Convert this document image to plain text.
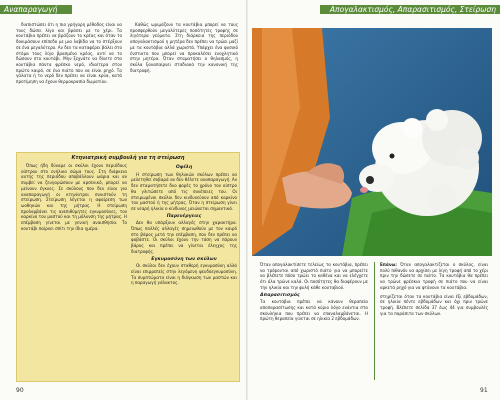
Αναπαραγωγή

διαπιστώσει ότι η πιο γρήγορη μέθοδος είναι να τους δώσει λίγο και βράσει με το χέρι. Τα κουτάβια πρέπει να βράζουν το κρέας και όταν το δοκιμάσουν επίπεδο με μια λαβίδα να το στέρξουν σε ένα μεγαλύτερο. Αν δεν τα καταφέρει βάλει στο στόμα τους λίγο βρασμένο κρέας, αντί να το δώσουν στο κουτάβι. Μην ξεχνάτε να δίνετε στα κουτάβια πάντα φρέσκο νερό, ιδιαίτερα στον πρώτο καιρό, σε ένα πιάτο που να είναι ρηχό. Τα γάλατα ή το νερό δεν πρέπει να είναι κρύα, κατά προτίμηση να έχουν θερμοκρασία δωματίου.

Καθώς ωριμάζουν τα κουτάβια μπορεί να τους προσφερθούν μεγαλύτερες ποσότητες τροφής σε λιγότερα γεύματα. Στη διάρκεια της περιόδου απογαλακτισμού η μητέρα δεν πρέπει να τρώει μαζί με τα κουτάβια αλλά χωριστά. Υπάρχει ένα φυσικό ένστικτο που μπορεί να προκαλέσει ενοχλητικά στην μητέρα. Όταν σταματήσει ο θηλασμός, η σκύλα ξαναπαίρνει σταδιακά την κανονική της διατροφή.

Κτηνιατρική συμβουλή για τη στείρωση

Όπως ήδη δύναμε οι σκύλοι έχουν περιόδους οίστρου στο ενήλικο σώμα τους. Στη διάρκεια αυτής της περιόδου αποβάλλουν ωάρια και αν συμβεί να ζευγαρώσουν με αρσενικό, μπορεί να μείνουν έγκυες. Σε σκύλους που δεν είναι για αναπαραγωγή οι κτηνίατροι συνιστούν τη στείρωση. Στείρωση λέγεται η αφαίρεση των ωοθηκών και της μήτρας. Η στείρωση προλαμβάνει τις ανεπιθύμητες εγκυμοσύνες, τον καρκίνο του μαστού και τη μόλυνση της μήτρας. Η επέμβαση γίνεται με γενική αναισθησία. Το κουτάβι παίρνει σπίτι την ίδια ημέρα.

Οφέλη

Η στείρωση των θηλυκών σκύλων πρέπει να μελετηθεί σοβαρά αν δεν θέλετε αναπαραγωγή. Αν δεν σταματήσετε δυο φορές το χρόνο τον οίστρο θα γλιτώσετε από τις συνέπειες του. Οι στειρωμένοι σκύλοι δεν κινδυνεύουν από καρκίνο του μαστού ή της μήτρας. Όταν η στείρωση γίνει σε νεαρή ηλικία ο κίνδυνος μειώνεται σημαντικά.

Παρενέργειες

Δεν θα υπάρξουν αλλαγές στην χαρακτήρα. Όπως πολλές αλλαγές σημειωθούν με τον καιρό στο βάρος μετά την επέμβαση, που δεν πρέπει να φοβάστε. Οι σκύλοι έχουν την τάση να πάρουν βάρος και πρέπει να γίνεται έλεγχος της διατροφής.

Εγκυμοσύνη των σκύλων

Οι σκύλοι δεν έχουν σταθερή εγκυμοσύνη αλλά είναι επιρρεπείς στην λεγόμενη ψευδοεγκυμοσύνη. Τα συμπτώματα είναι η διόγκωση των μαστών και η παραγωγή γάλακτος.

90
Απογαλακτισμός, Απαρασιτισμός, Στείρωση
Όταν απογαλακτίσετε τελείως τα κουτάβια, πρέπει να τρέφονται από χωριστό πιάτο για να μπορείτε να βλέπετε πόσο τρώει το καθένα και να ελέγχετε ότι όλα τρώνε καλά. Οι ποσότητες θα διαφέρουν με την ηλικία και την φυλή κάθε κουταβιού.
Απαρασιτισμός
Τα κουτάβια πρέπει να κάνουν θεραπεία αποπαρασίτωσης και κατά κύριο λόγο ενάντια στα σκουλήκια που πρέπει να επαναλαμβάνεται. Η πρώτη θεραπεία γίνεται σε ηλικία 2 εβδομάδων.
Επάνω: Όταν απογαλακτίζεται ο σκύλος, είναι πολύ πιθανόν να αρχίσει με λίγη τροφή από το χέρι πριν την δώσετε σε πιάτο. Τα κουτάβια θα πρέπει να τρώνε φρέσκια τροφή σε πιάτο που να είναι αρκετά ρηχό για να φτάνουν τα κουτάβια.
στηρίζεται όταν τα κουτάβια είναι έξι εβδομάδων, σε ηλικία πέντε εβδομάδων και όχι πριν τρώνε τροφή. Βλέπετε σελίδα 37 έως 44 για συμβουλές για τα παράσιτα των σκύλων.
91
